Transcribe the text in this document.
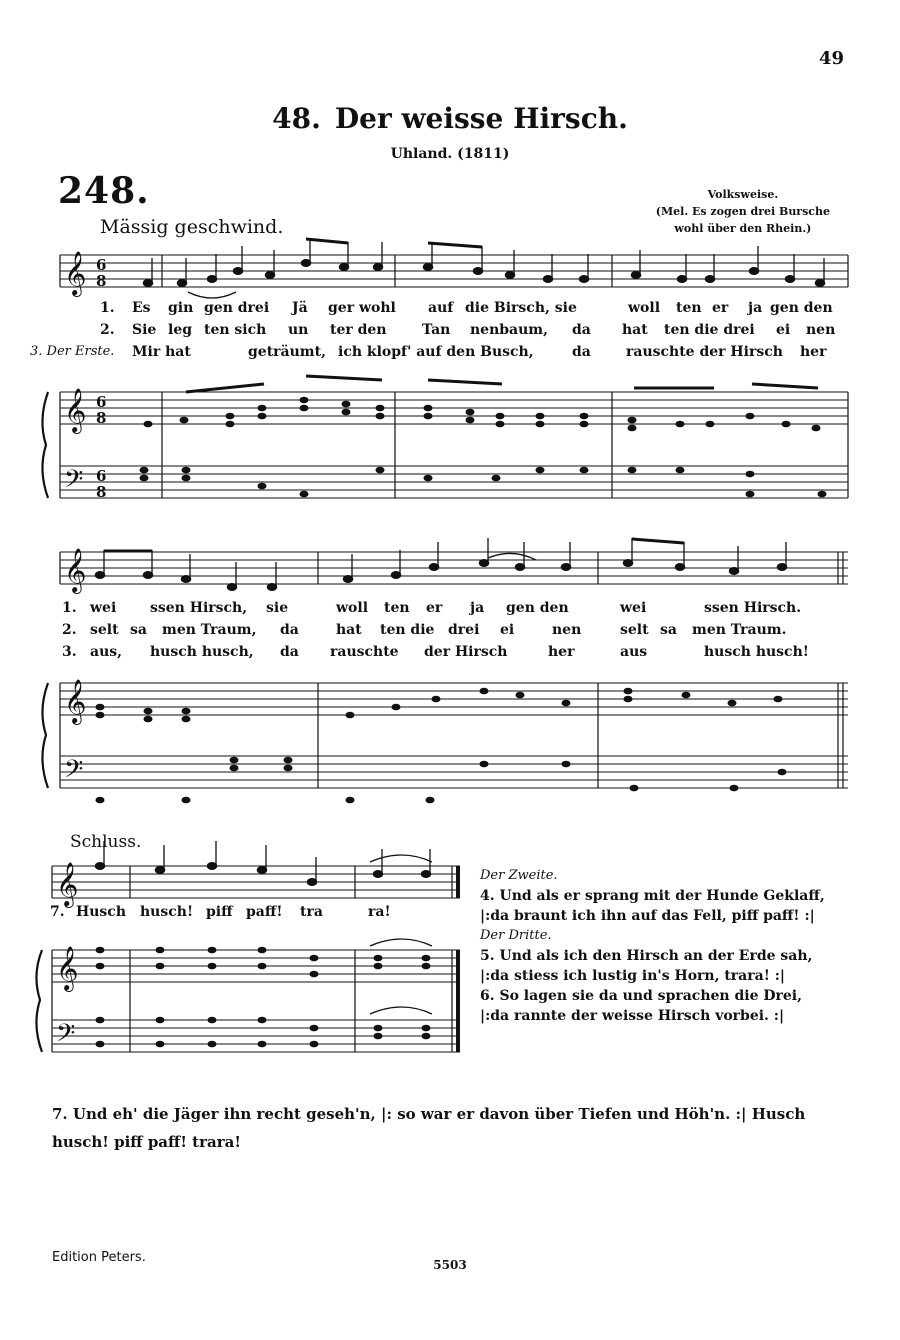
49
48. Der weisse Hirsch.
Uhland. (1811)
248.
Mässig geschwind.
Volksweise.
(Mel. Es zogen drei Bursche
wohl über den Rhein.)
𝄞
𝄞
𝄢
𝄞
𝄞
𝄢
𝄞
𝄞
𝄢
6
8
6
8
6
8
1. Es gin gen drei Jä ger wohl auf die Birsch, sie	woll ten er ja gen den
2. Sie leg ten sich un ter den	Tan nenbaum, da hat ten die drei ei nen
3. Der Erste. Mir hat	geträumt, ich klopf' auf den Busch,	da	rauschte der Hirsch her
1. wei ssen Hirsch, sie	woll ten er ja gen den	wei	ssen Hirsch.
2. selt sa men Traum, da	hat ten die drei ei	nen	selt sa men Traum.
3. aus, husch husch, da rauschte der Hirsch	her	aus	husch husch!
Schluss.
7. Husch husch! piff paff! tra	ra!
Der Zweite.
4. Und als er sprang mit der Hunde Geklaff,
|:da braunt ich ihn auf das Fell, piff paff! :|
Der Dritte.
5. Und als ich den Hirsch an der Erde sah,
|:da stiess ich lustig in's Horn, trara! :|
6. So lagen sie da und sprachen die Drei,
|:da rannte der weisse Hirsch vorbei. :|
7. Und eh' die Jäger ihn recht geseh'n, |: so war er davon über Tiefen und Höh'n. :| Husch husch! piff paff! trara!
Edition Peters.	5503
